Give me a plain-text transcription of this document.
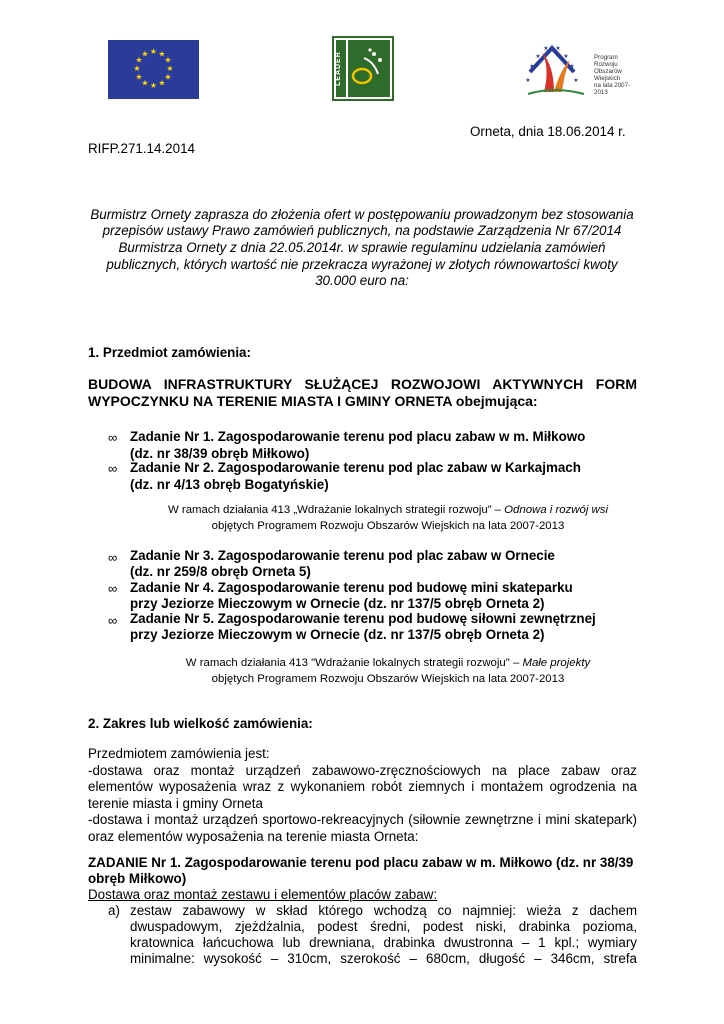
★ ★
★
★
★
★
★
★
★
★
★
★	LEADER	★
★
★ ★
★
★
★	★
Program
Rozwoju
Obszarów
Wiejskich
na lata 2007-2013
Orneta, dnia 18.06.2014 r.
RIFP.271.14.2014
Burmistrz Ornety zaprasza do złożenia ofert w postępowaniu prowadzonym bez stosowania
przepisów ustawy Prawo zamówień publicznych, na podstawie Zarządzenia Nr 67/2014
Burmistrza Ornety z dnia 22.05.2014r. w sprawie regulaminu udzielania zamówień
publicznych, których wartość nie przekracza wyrażonej w złotych równowartości kwoty
30.000 euro na:
1. Przedmiot zamówienia:
BUDOWA INFRASTRUKTURY SŁUŻĄCEJ ROZWOJOWI AKTYWNYCH FORM
WYPOCZYNKU NA TERENIE MIASTA I GMINY ORNETA obejmująca:
∞ Zadanie Nr 1. Zagospodarowanie terenu pod placu zabaw w m. Miłkowo
(dz. nr 38/39 obręb Miłkowo)
∞ Zadanie Nr 2. Zagospodarowanie terenu pod plac zabaw w Karkajmach
(dz. nr 4/13 obręb Bogatyńskie)
W ramach działania 413 „Wdrażanie lokalnych strategii rozwoju” – Odnowa i rozwój wsi
objętych Programem Rozwoju Obszarów Wiejskich na lata 2007-2013
∞ Zadanie Nr 3. Zagospodarowanie terenu pod plac zabaw w Ornecie
(dz. nr 259/8 obręb Orneta 5)
∞ Zadanie Nr 4. Zagospodarowanie terenu pod budowę mini skateparku
przy Jeziorze Mieczowym w Ornecie (dz. nr 137/5 obręb Orneta 2)
∞ Zadanie Nr 5. Zagospodarowanie terenu pod budowę siłowni zewnętrznej
przy Jeziorze Mieczowym w Ornecie (dz. nr 137/5 obręb Orneta 2)
W ramach działania 413 "Wdrażanie lokalnych strategii rozwoju" – Małe projekty
objętych Programem Rozwoju Obszarów Wiejskich na lata 2007-2013
2. Zakres lub wielkość zamówienia:
Przedmiotem zamówienia jest:
-dostawa oraz montaż urządzeń zabawowo-zręcznościowych na place zabaw oraz
elementów wyposażenia wraz z wykonaniem robót ziemnych i montażem ogrodzenia na
terenie miasta i gminy Orneta
-dostawa i montaż urządzeń sportowo-rekreacyjnych (siłownie zewnętrzne i mini skatepark)
oraz elementów wyposażenia na terenie miasta Orneta:
ZADANIE Nr 1. Zagospodarowanie terenu pod placu zabaw w m. Miłkowo (dz. nr 38/39
obręb Miłkowo)
Dostawa oraz montaż zestawu i elementów placów zabaw:
a) zestaw zabawowy w skład którego wchodzą co najmniej: wieża z dachem
dwuspadowym, zjeżdżalnia, podest średni, podest niski, drabinka pozioma,
kratownica łańcuchowa lub drewniana, drabinka dwustronna – 1 kpl.; wymiary
minimalne: wysokość – 310cm, szerokość – 680cm, długość – 346cm, strefa
